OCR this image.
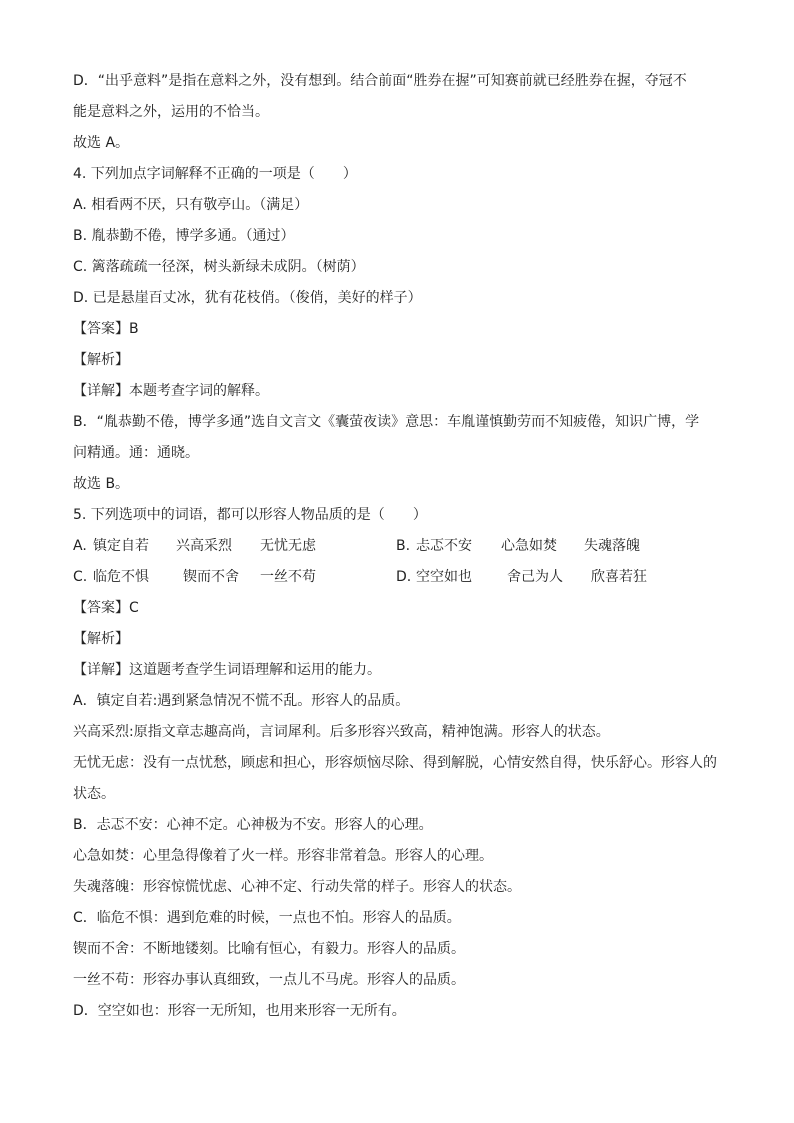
D．“出乎意料”是指在意料之外，没有想到。结合前面“胜券在握”可知赛前就已经胜券在握，夺冠不
能是意料之外，运用的不恰当。
故选 A。
4. 下列加点字词解释不正确的一项是（ ）
A. 相看两不厌，只有敬亭山。（满足）
B. 胤恭勤不倦，博学多通。（通过）
C. 篱落疏疏一径深，树头新绿未成阴。（树荫）
D. 已是悬崖百丈冰，犹有花枝俏。（俊俏，美好的样子）
【答案】B
【解析】
【详解】本题考查字词的解释。
B．“胤恭勤不倦，博学多通”选自文言文《囊萤夜读》意思：车胤谨慎勤劳而不知疲倦，知识广博，学
问精通。通：通晓。
故选 B。
5. 下列选项中的词语，都可以形容人物品质的是（ ）
A. 镇定自若 兴高采烈 无忧无虑	B. 忐忑不安 心急如焚 失魂落魄
C. 临危不惧 锲而不舍 一丝不苟	D. 空空如也	舍己为人 欣喜若狂
【答案】C
【解析】
【详解】这道题考查学生词语理解和运用的能力。
A．镇定自若:遇到紧急情况不慌不乱。形容人的品质。
兴高采烈:原指文章志趣高尚，言词犀利。后多形容兴致高，精神饱满。形容人的状态。
无忧无虑：没有一点忧愁，顾虑和担心，形容烦恼尽除、得到解脱，心情安然自得，快乐舒心。形容人的
状态。
B．忐忑不安：心神不定。心神极为不安。形容人的心理。
心急如焚：心里急得像着了火一样。形容非常着急。形容人的心理。
失魂落魄：形容惊慌忧虑、心神不定、行动失常的样子。形容人的状态。
C．临危不惧：遇到危难的时候，一点也不怕。形容人的品质。
锲而不舍：不断地镂刻。比喻有恒心，有毅力。形容人的品质。
一丝不苟：形容办事认真细致，一点儿不马虎。形容人的品质。
D．空空如也：形容一无所知，也用来形容一无所有。
